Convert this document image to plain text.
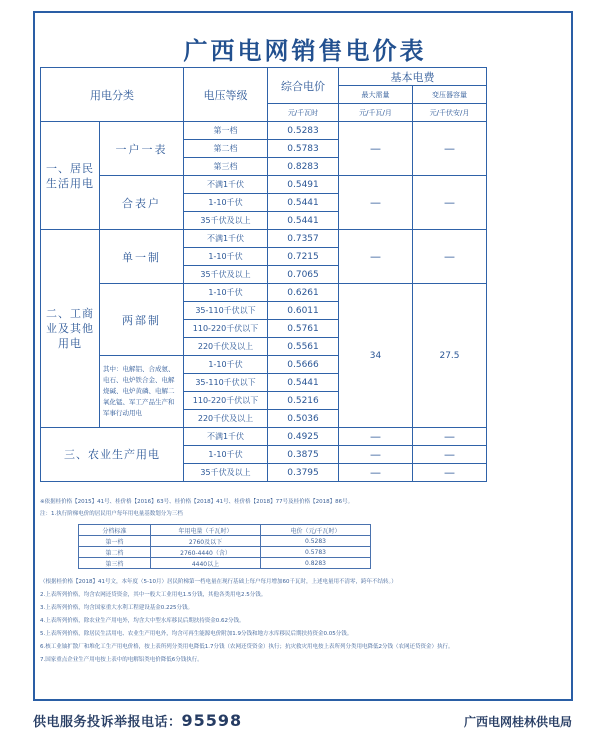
广西电网销售电价表
用电分类		电压等级	综合电价	基本电费	
				最大需量	变压器容量
			元/千瓦时	元/千瓦/月	元/千伏安/月
一、居民生活用电	一户一表	第一档	0.5283	—	—
		第二档	0.5783		
		第三档	0.8283		
	合表户	不满1千伏	0.5491	—	—
		1-10千伏	0.5441		
		35千伏及以上	0.5441		
二、工商业及其他用电	单一制	不满1千伏	0.7357	—	—
		1-10千伏	0.7215		
		35千伏及以上	0.7065		
	两部制	1-10千伏	0.6261	34	27.5
		35-110千伏以下	0.6011		
		110-220千伏以下	0.5761		
		220千伏及以上	0.5561		
	其中：电解铝、合成氨、电石、电炉铁合金、电解烧碱、电炉黄磷、电解二氧化锰、军工产品生产和军事行动用电	1-10千伏	0.5666		
		35-110千伏以下	0.5441		
		110-220千伏以下	0.5216		
		220千伏及以上	0.5036		
三、农业生产用电		不满1千伏	0.4925	—	—
		1-10千伏	0.3875	—	—
		35千伏及以上	0.3795	—	—

※依据桂价格【2015】41号、桂价格【2016】63号、桂价格【2018】41号、桂价格【2018】77号及桂价格【2018】86号。

注：1.执行阶梯电价的居民用户每年用电量基数划分为三档

分档标准	年用电量（千瓦时）	电价（元/千瓦时）
第一档	2760及以下	0.5283
第二档	2760-4440（含）	0.5783
第三档	4440以上	0.8283

（根据桂价格【2018】41号文，本年度（5-10月）居民阶梯第一档电量在现行基础上每户每月增加60千瓦时，上述电量用不清零，跨年不结转。）

2.上表所列价格，均含农网还贷资金，其中一般大工业用电1.5分钱，其他各类用电2.5分钱。

3.上表所列价格，均含国家重大水利工程建设基金0.225分钱。

4.上表所列价格，除农业生产用电外，均含大中型水库移民后期扶持资金0.62分钱。

5.上表所列价格，除居民生活用电、农业生产用电外，均含可再生能源电价附加1.9分钱和地方水库移民后期扶持资金0.05分钱。

6.核工业铀扩散厂和堆化工生产用电价格，按上表所列分类用电降低1.7分钱（农网还贷资金）执行；抗灾救灾用电按上表所列分类用电降低2分钱（农网还贷资金）执行。

7.国家重点企业生产用电按上表中的电解铝类电价降低6分钱执行。

供电服务投诉举报电话：95598	广西电网桂林供电局
